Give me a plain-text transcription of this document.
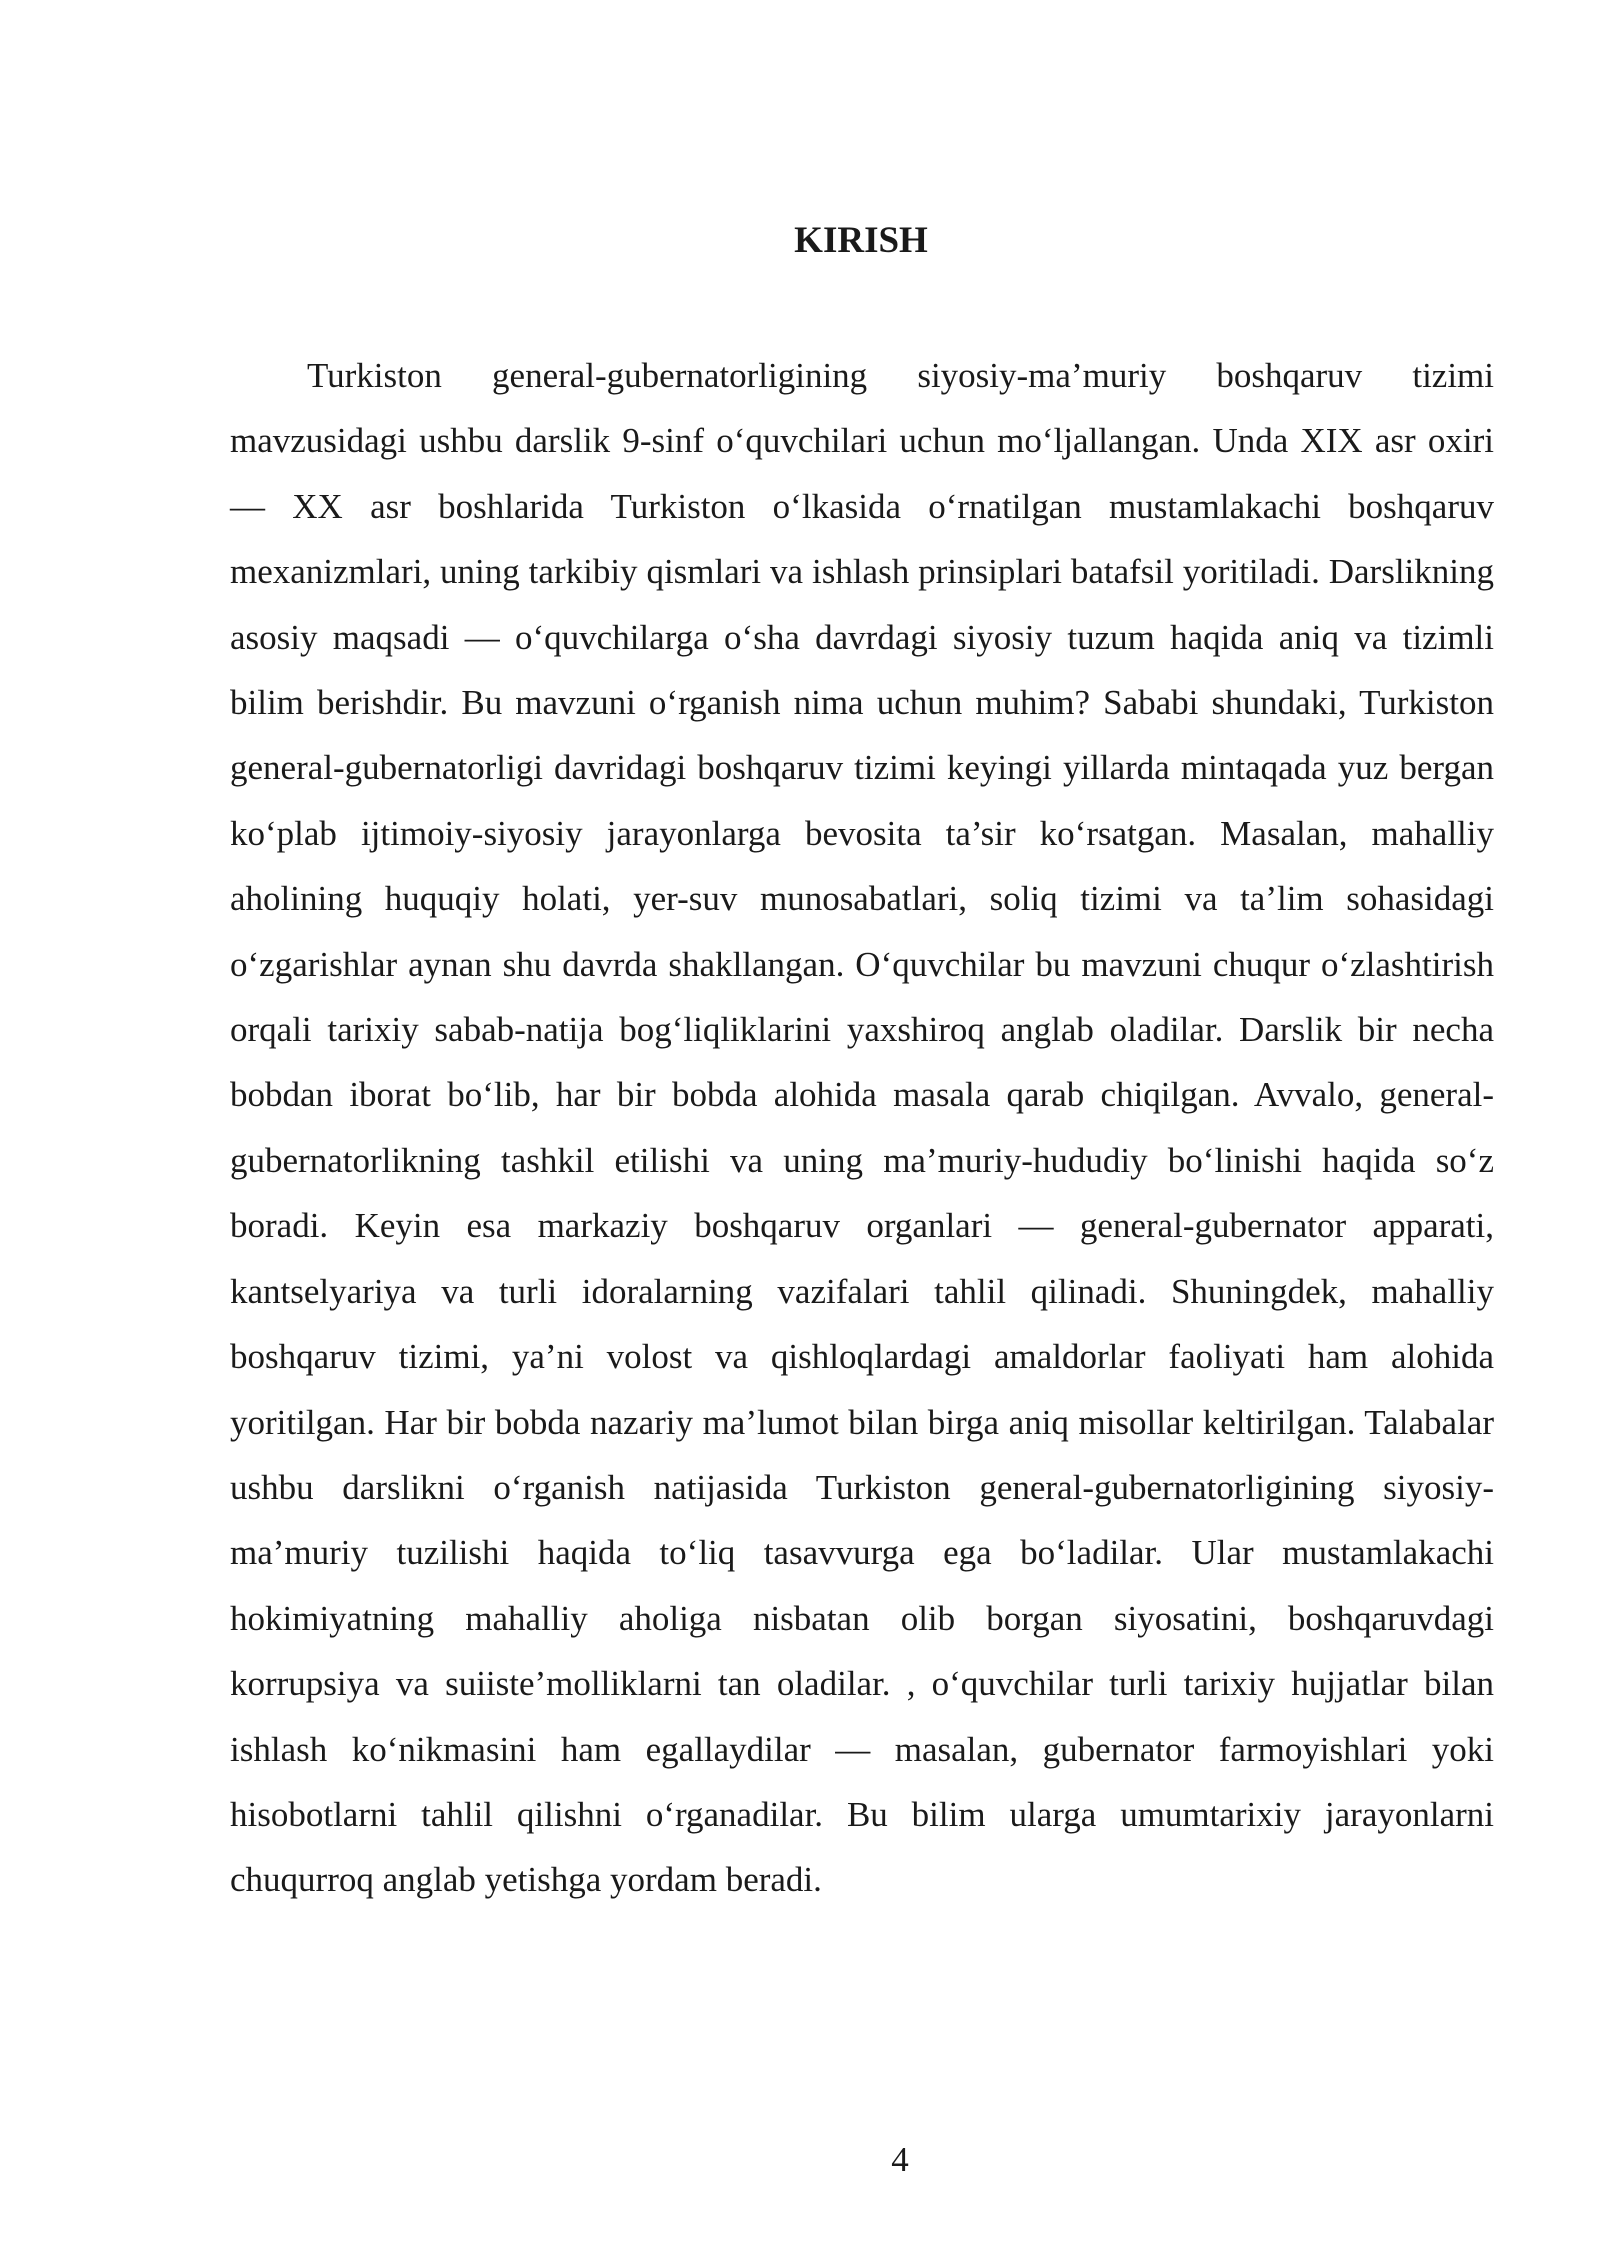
KIRISH

Turkiston general-gubernatorligining siyosiy-ma’muriy boshqaruv tizimi mavzusidagi ushbu darslik 9-sinf o‘quvchilari uchun mo‘ljallangan. Unda XIX asr oxiri — XX asr boshlarida Turkiston o‘lkasida o‘rnatilgan mustamlakachi boshqaruv mexanizmlari, uning tarkibiy qismlari va ishlash prinsiplari batafsil yoritiladi. Darslikning asosiy maqsadi — o‘quvchilarga o‘sha davrdagi siyosiy tuzum haqida aniq va tizimli bilim berishdir. Bu mavzuni o‘rganish nima uchun muhim? Sababi shundaki, Turkiston general-gubernatorligi davridagi boshqaruv tizimi keyingi yillarda mintaqada yuz bergan ko‘plab ijtimoiy-siyosiy jarayonlarga bevosita ta’sir ko‘rsatgan. Masalan, mahalliy aholining huquqiy holati, yer-suv munosabatlari, soliq tizimi va ta’lim sohasidagi o‘zgarishlar aynan shu davrda shakllangan. O‘quvchilar bu mavzuni chuqur o‘zlashtirish orqali tarixiy sabab-natija bog‘liqliklarini yaxshiroq anglab oladilar. Darslik bir necha bobdan iborat bo‘lib, har bir bobda alohida masala qarab chiqilgan. Avvalo, general-gubernatorlikning tashkil etilishi va uning ma’muriy-hududiy bo‘linishi haqida so‘z boradi. Keyin esa markaziy boshqaruv organlari — general-gubernator apparati, kantselyariya va turli idoralarning vazifalari tahlil qilinadi. Shuningdek, mahalliy boshqaruv tizimi, ya’ni volost va qishloqlardagi amaldorlar faoliyati ham alohida yoritilgan. Har bir bobda nazariy ma’lumot bilan birga aniq misollar keltirilgan. Talabalar ushbu darslikni o‘rganish natijasida Turkiston general-gubernatorligining siyosiy-ma’muriy tuzilishi haqida to‘liq tasavvurga ega bo‘ladilar. Ular mustamlakachi hokimiyatning mahalliy aholiga nisbatan olib borgan siyosatini, boshqaruvdagi korrupsiya va suiiste’molliklarni tan oladilar. , o‘quvchilar turli tarixiy hujjatlar bilan ishlash ko‘nikmasini ham egallaydilar — masalan, gubernator farmoyishlari yoki hisobotlarni tahlil qilishni o‘rganadilar. Bu bilim ularga umumtarixiy jarayonlarni chuqurroq anglab yetishga yordam beradi.

4
